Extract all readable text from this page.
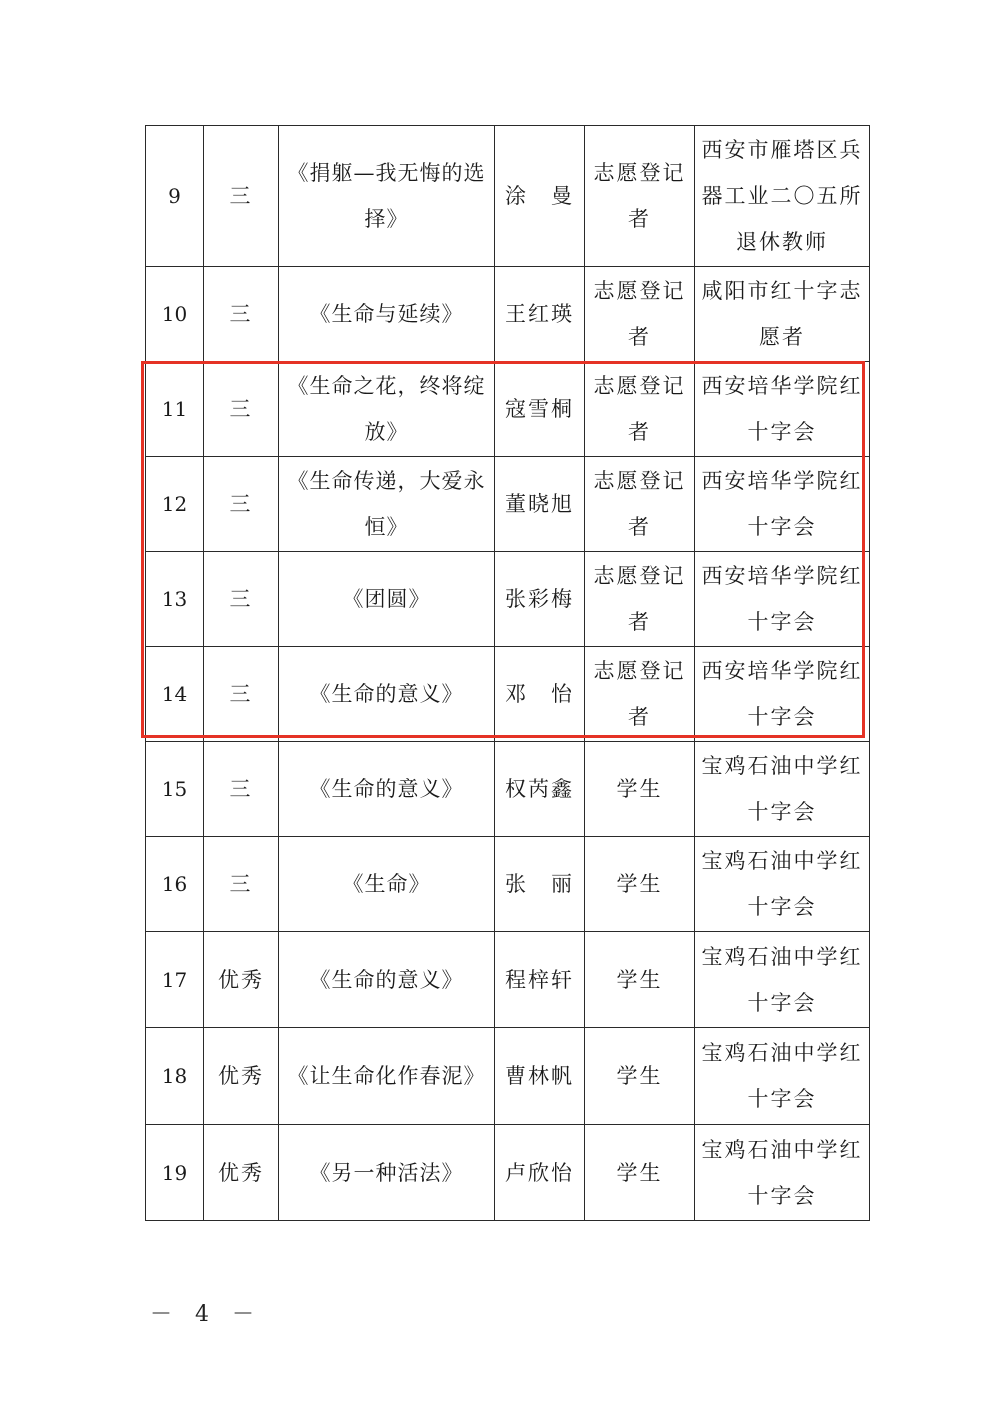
9	三	《捐躯—我无悔的选择》	涂　曼	志愿登记者	西安市雁塔区兵器工业二〇五所退休教师
10	三	《生命与延续》	王红瑛	志愿登记者	咸阳市红十字志愿者
11	三	《生命之花，终将绽放》	寇雪桐	志愿登记者	西安培华学院红十字会
12	三	《生命传递，大爱永恒》	董晓旭	志愿登记者	西安培华学院红十字会
13	三	《团圆》	张彩梅	志愿登记者	西安培华学院红十字会
14	三	《生命的意义》	邓　怡	志愿登记者	西安培华学院红十字会
15	三	《生命的意义》	权芮鑫	学生	宝鸡石油中学红十字会
16	三	《生命》	张　丽	学生	宝鸡石油中学红十字会
17	优秀	《生命的意义》	程梓轩	学生	宝鸡石油中学红十字会
18	优秀	《让生命化作春泥》	曹林帆	学生	宝鸡石油中学红十字会
19	优秀	《另一种活法》	卢欣怡	学生	宝鸡石油中学红十字会
－ 4 －
